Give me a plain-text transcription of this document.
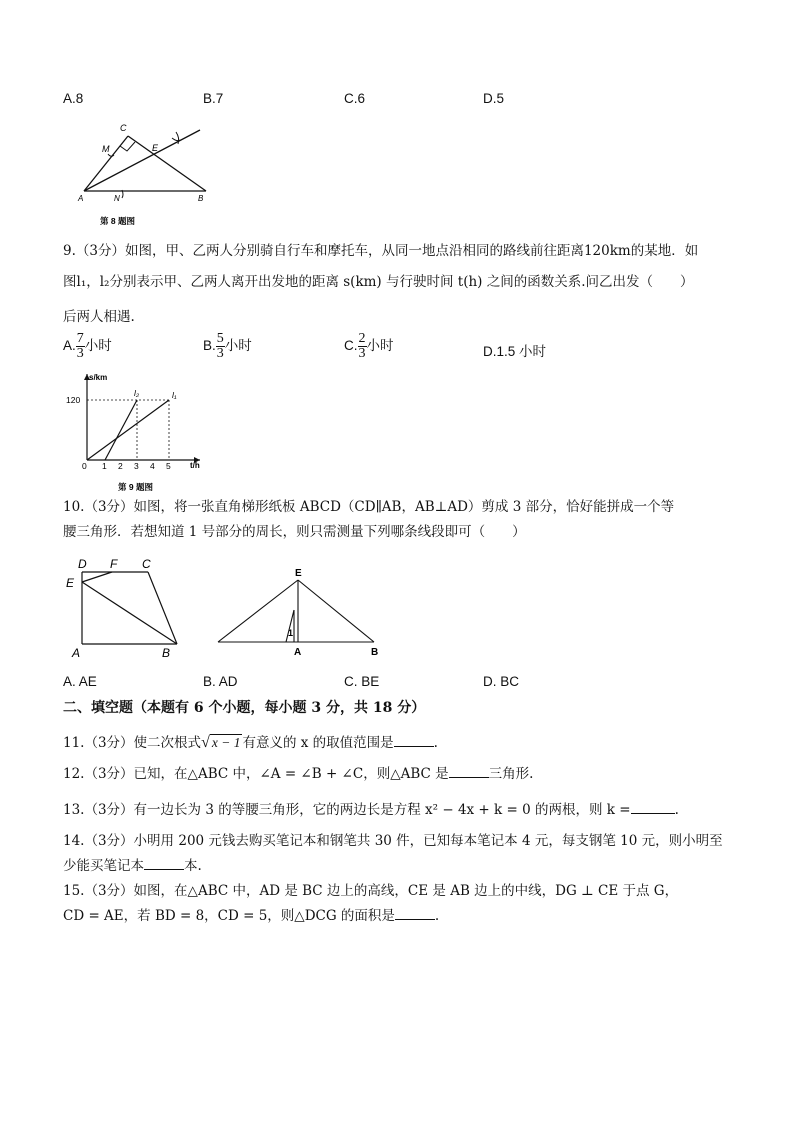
A.8	B.7	C.6	D.5
C
M	E
A	N	B
第 8 题图
9.（3分）如图，甲、乙两人分别骑自行车和摩托车，从同一地点沿相同的路线前往距离120km的某地．如
图l₁，l₂分别表示甲、乙两人离开出发地的距离 s(km) 与行驶时间 t(h) 之间的函数关系.问乙出发（　　）
后两人相遇.
A. $\frac{7}{3}$ 小时	B. $\frac{5}{3}$ 小时	C. $\frac{2}{3}$ 小时	D.1.5 小时
s/km
t/h
120
0 1 2 3 4 5
l₂	l₁
第 9 题图
10.（3分）如图，将一张直角梯形纸板 ABCD（CD∥AB，AB⊥AD）剪成 3 部分，恰好能拼成一个等
腰三角形．若想知道 1 号部分的周长，则只需测量下列哪条线段即可（　　）
D F C
E
A	B
E
1
A	B
A. AE	B. AD	C. BE	D. BC
二、填空题（本题有 6 个小题，每小题 3 分，共 18 分）
11.（3分）使二次根式√ x − 1 有意义的 x 的取值范围是	.
12.（3分）已知，在△ABC 中，∠A = ∠B + ∠C，则△ABC 是	三角形.
13.（3分）有一边长为 3 的等腰三角形，它的两边长是方程 x² − 4x + k = 0 的两根，则 k =	.
14.（3分）小明用 200 元钱去购买笔记本和钢笔共 30 件，已知每本笔记本 4 元，每支钢笔 10 元，则小明至
少能买笔记本	本.
15.（3分）如图，在△ABC 中，AD 是 BC 边上的高线，CE 是 AB 边上的中线，DG ⊥ CE 于点 G，
CD = AE，若 BD = 8，CD = 5，则△DCG 的面积是	.
